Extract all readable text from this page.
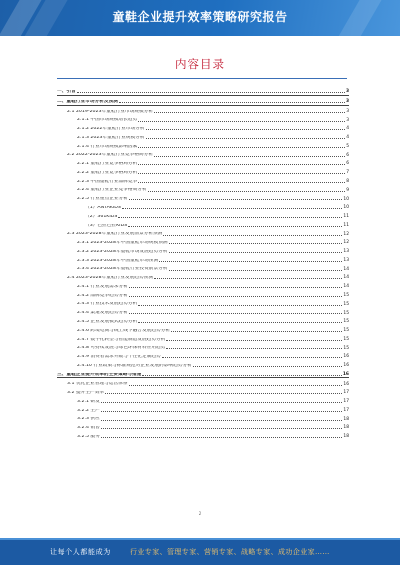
童鞋企业提升效率策略研究报告
内容目录
一、引言	3
二、童鞋行业市场分析及预测	3
2.1 2019-2023年童鞋行业市场规模分析	3
2.1.1 中国市场规模增长趋势	3
2.1.2 2022年童鞋行业市场分析	4
2.1.3 2023年童鞋行业规模分析	4
2.1.4 行业市场规模影响因素	5
2.2 2022-2023年童鞋行业竞争格局分析	6
2.2.1 童鞋行业竞争格局分析	6
2.2.2 童鞋行业竞争格局分析	7
2.2.3 中国童鞋行业品牌竞争	8
2.2.4 童鞋行业企业竞争格局分析	9
2.2.5 行业重点企业分析	10
（1）ANTAKIDS	10
（2）361KIDS	11
（3）巴拉巴拉KIDS	11
2.3 2023-2028年童鞋行业发展前景分析预测	12
2.3.1 2023-2028年中国童鞋市场规模预测	12
2.3.2 2023-2028年童鞋市场发展趋势分析	13
2.3.3 2023-2028年中国童鞋市场预测	13
2.3.4 2023-2028年童鞋行业投资前景分析	14
2.4 2023-2028年童鞋行业发展趋势预测	14
2.4.1 行业发展需求分析	14
2.4.2 品牌竞争趋势分析	15
2.4.3 行业技术发展趋势分析	15
2.4.4 渠道发展趋势分析	15
2.4.5 企业发展模式趋势分析	15
2.4.6 跨境电商与线上线下融合发展趋势分析	15
2.4.7 数字化转型与智能制造发展趋势分析	15
2.4.8 可持续发展与绿色环保材料应用趋势	15
2.4.9 消费者需求升级与个性化定制趋势	16
2.4.10 行业政策与标准规范对企业发展的影响趋势分析	16
三、童鞋企业提升效率的主要策略与措施	16
3.1 优化企业管理与运营体系	16
3.2 提升生产效率	17
3.2.1 研发	17
3.2.2 生产	17
3.2.3 供应	18
3.2.4 销售	18
3.2.5 服务	18
2
让每个人都能成为	行业专家、管理专家、营销专家、战略专家、成功企业家……
